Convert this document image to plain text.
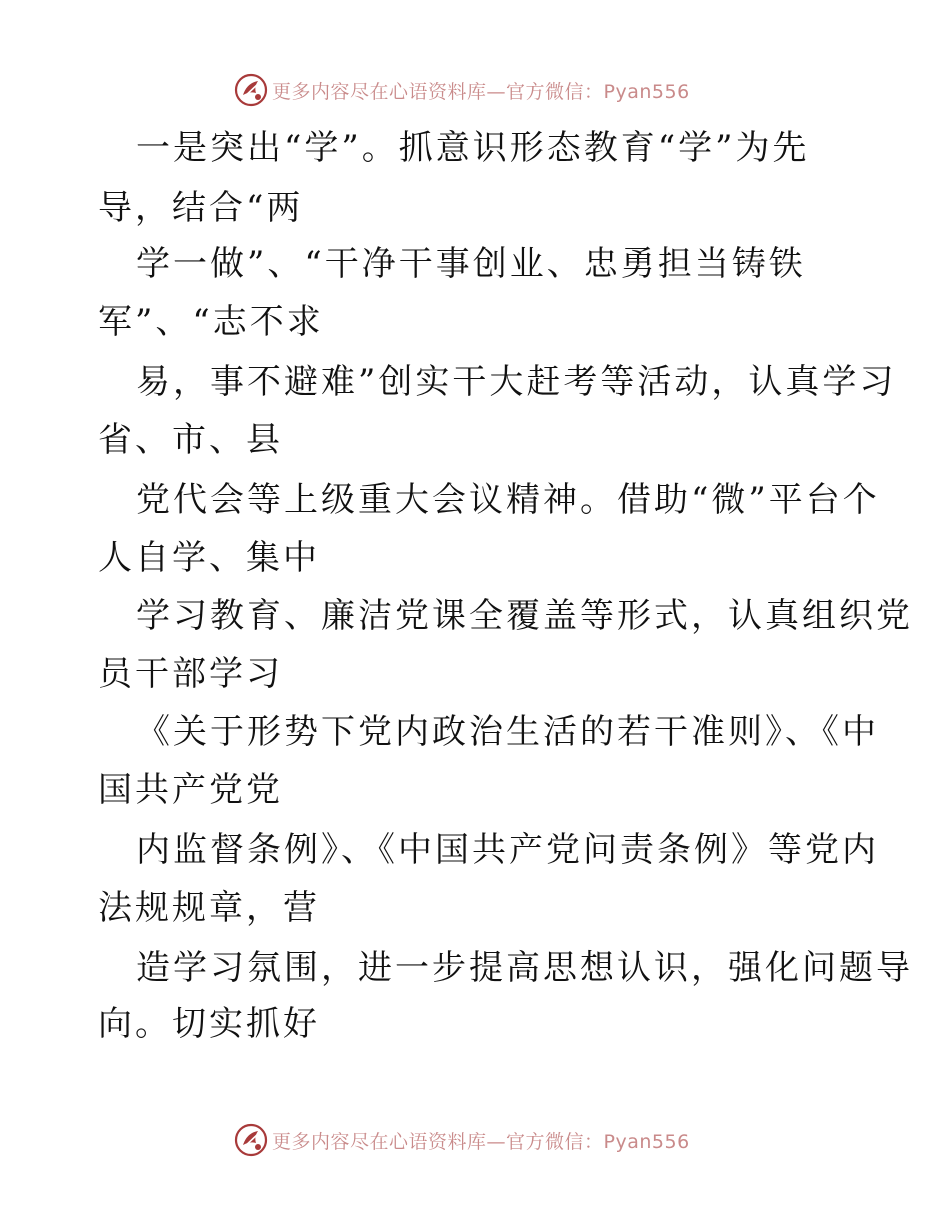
更多内容尽在心语资料库— 官方微信：Pyan556
一是突出“学”。抓意识形态教育“学”为先
导，结合“两
学一做”、“干净干事创业、忠勇担当铸铁
军”、“志不求
易，事不避难”创实干大赶考等活动，认真学习
省、市、县
党代会等上级重大会议精神。借助“微”平台个
人自学、集中
学习教育、廉洁党课全覆盖等形式，认真组织党
员干部学习
《关于形势下党内政治生活的若干准则》、《中
国共产党党
内监督条例》、《中国共产党问责条例》等党内
法规规章，营
造学习氛围，进一步提高思想认识，强化问题导
向。切实抓好
更多内容尽在心语资料库— 官方微信：Pyan556
